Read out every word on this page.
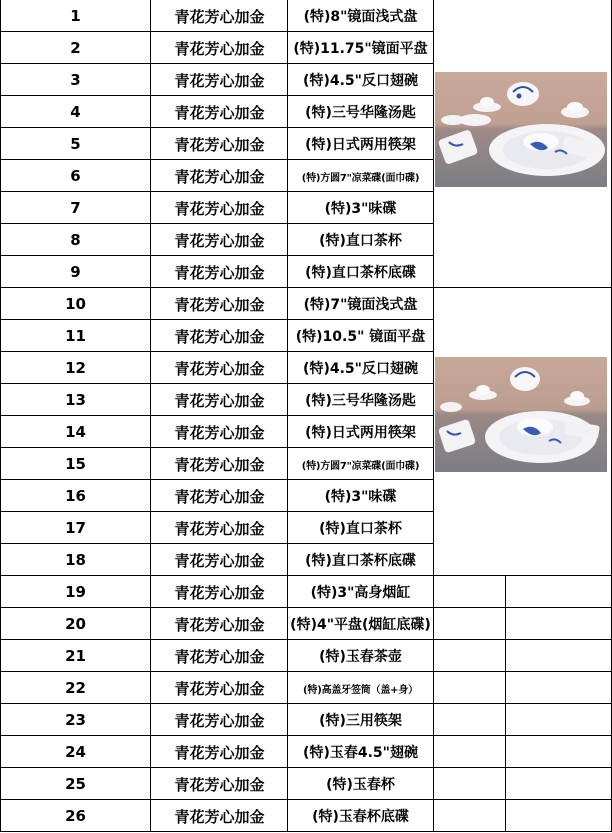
1	青花芳心加金	(特)8"镜面浅式盘
2	青花芳心加金	(特)11.75"镜面平盘
3	青花芳心加金	(特)4.5"反口翅碗
4	青花芳心加金	(特)三号华隆汤匙
5	青花芳心加金	(特)日式两用筷架
6	青花芳心加金	(特)方圆7"凉菜碟(面巾碟)
7	青花芳心加金	(特)3"味碟
8	青花芳心加金	(特)直口茶杯
9	青花芳心加金	(特)直口茶杯底碟
10	青花芳心加金	(特)7"镜面浅式盘
11	青花芳心加金	(特)10.5" 镜面平盘
12	青花芳心加金	(特)4.5"反口翅碗
13	青花芳心加金	(特)三号华隆汤匙
14	青花芳心加金	(特)日式两用筷架
15	青花芳心加金	(特)方圆7"凉菜碟(面巾碟)
16	青花芳心加金	(特)3"味碟
17	青花芳心加金	(特)直口茶杯
18	青花芳心加金	(特)直口茶杯底碟
19	青花芳心加金	(特)3"高身烟缸
20	青花芳心加金	(特)4"平盘(烟缸底碟)
21	青花芳心加金	(特)玉春茶壶
22	青花芳心加金	(特)高盖牙签筒（盖+身）
23	青花芳心加金	(特)三用筷架
24	青花芳心加金	(特)玉春4.5"翅碗
25	青花芳心加金	(特)玉春杯
26	青花芳心加金	(特)玉春杯底碟
